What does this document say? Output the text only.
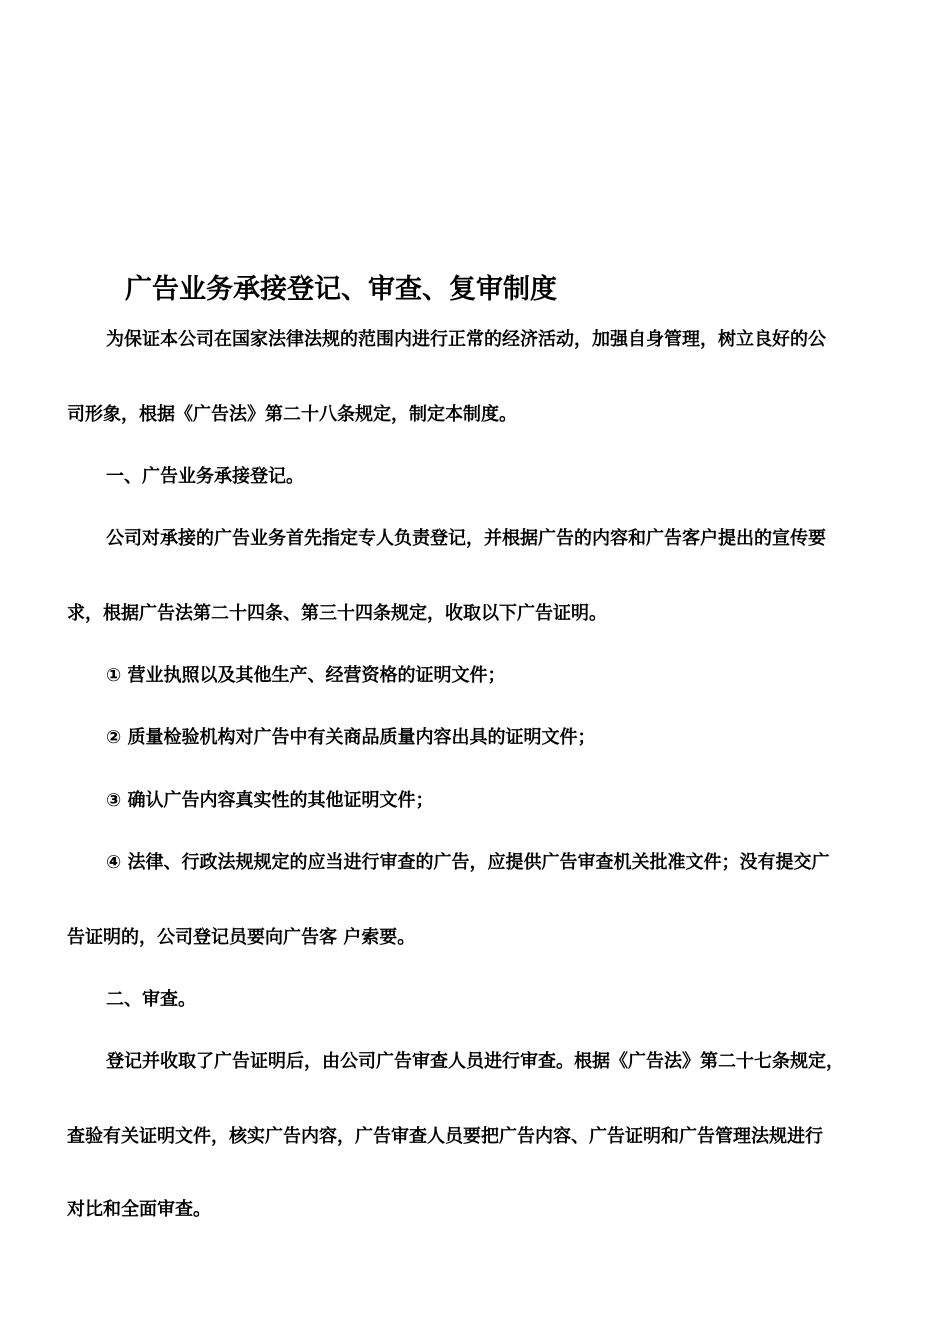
广告业务承接登记、审查、复审制度
为保证本公司在国家法律法规的范围内进行正常的经济活动，加强自身管理，树立良好的公
司形象，根据《广告法》第二十八条规定，制定本制度。
一、广告业务承接登记。
公司对承接的广告业务首先指定专人负责登记，并根据广告的内容和广告客户提出的宣传要
求，根据广告法第二十四条、第三十四条规定，收取以下广告证明。
① 营业执照以及其他生产、经营资格的证明文件；
② 质量检验机构对广告中有关商品质量内容出具的证明文件；
③ 确认广告内容真实性的其他证明文件；
④ 法律、行政法规规定的应当进行审查的广告，应提供广告审查机关批准文件；没有提交广
告证明的，公司登记员要向广告客 户索要。
二、审查。
登记并收取了广告证明后，由公司广告审查人员进行审查。根据《广告法》第二十七条规定，
查验有关证明文件，核实广告内容，广告审查人员要把广告内容、广告证明和广告管理法规进行
对比和全面审查。
